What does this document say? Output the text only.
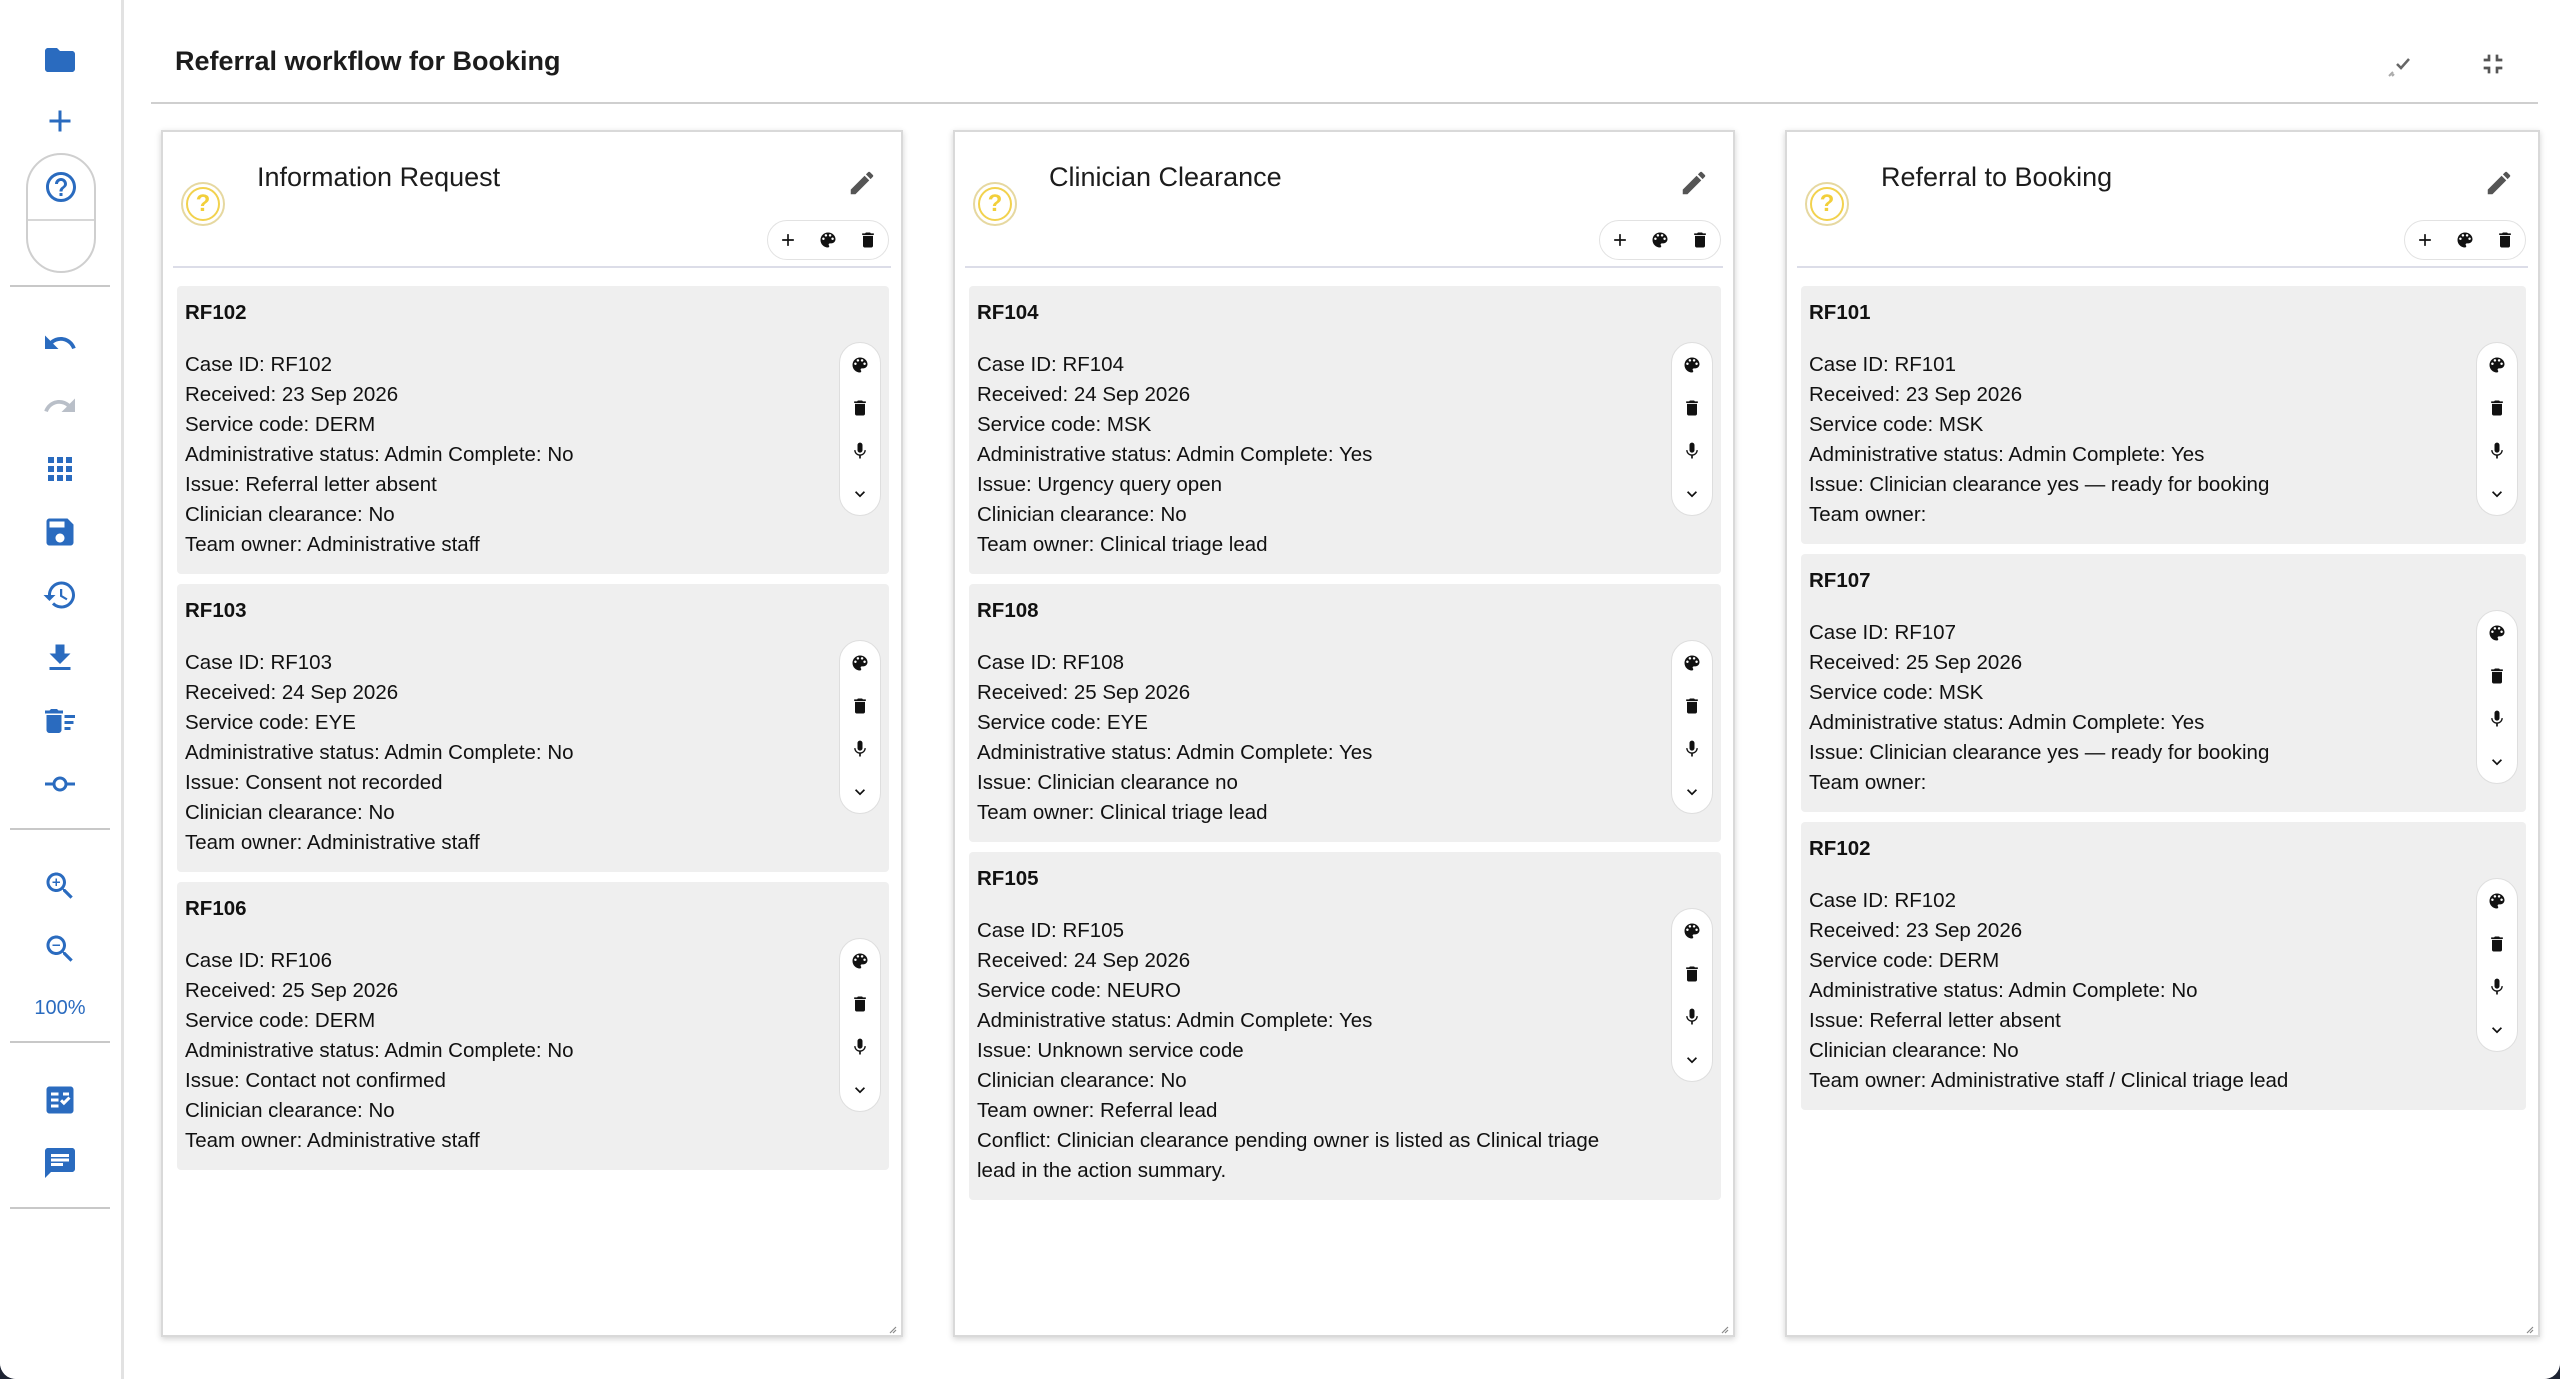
100%
Referral workflow for Booking
?
Information Request
RF102
Case ID: RF102
Received: 23 Sep 2026
Service code: DERM
Administrative status: Admin Complete: No
Issue: Referral letter absent
Clinician clearance: No
Team owner: Administrative staff
RF103
Case ID: RF103
Received: 24 Sep 2026
Service code: EYE
Administrative status: Admin Complete: No
Issue: Consent not recorded
Clinician clearance: No
Team owner: Administrative staff
RF106
Case ID: RF106
Received: 25 Sep 2026
Service code: DERM
Administrative status: Admin Complete: No
Issue: Contact not confirmed
Clinician clearance: No
Team owner: Administrative staff
?
Clinician Clearance
RF104
Case ID: RF104
Received: 24 Sep 2026
Service code: MSK
Administrative status: Admin Complete: Yes
Issue: Urgency query open
Clinician clearance: No
Team owner: Clinical triage lead
RF108
Case ID: RF108
Received: 25 Sep 2026
Service code: EYE
Administrative status: Admin Complete: Yes
Issue: Clinician clearance no
Team owner: Clinical triage lead
RF105
Case ID: RF105
Received: 24 Sep 2026
Service code: NEURO
Administrative status: Admin Complete: Yes
Issue: Unknown service code
Clinician clearance: No
Team owner: Referral lead
Conflict: Clinician clearance pending owner is listed as Clinical triage lead in the action summary.
?
Referral to Booking
RF101
Case ID: RF101
Received: 23 Sep 2026
Service code: MSK
Administrative status: Admin Complete: Yes
Issue: Clinician clearance yes — ready for booking
Team owner:
RF107
Case ID: RF107
Received: 25 Sep 2026
Service code: MSK
Administrative status: Admin Complete: Yes
Issue: Clinician clearance yes — ready for booking
Team owner:
RF102
Case ID: RF102
Received: 23 Sep 2026
Service code: DERM
Administrative status: Admin Complete: No
Issue: Referral letter absent
Clinician clearance: No
Team owner: Administrative staff / Clinical triage lead
